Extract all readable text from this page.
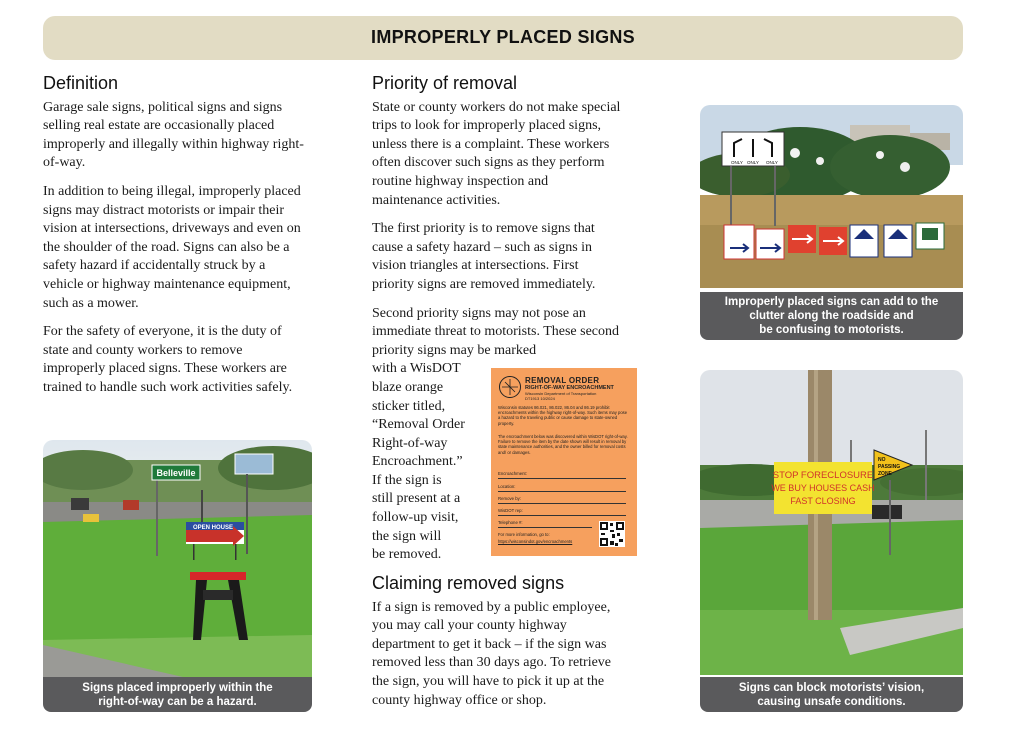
IMPROPERLY PLACED SIGNS
Definition

Garage sale signs, political signs and signs selling real estate are occasionally placed improperly and illegally within highway right-of-way.

In addition to being illegal, improperly placed signs may distract motorists or impair their vision at intersections, driveways and even on the shoulder of the road. Signs can also be a safety hazard if accidentally struck by a vehicle or highway maintenance equipment, such as a mower.

For the safety of everyone, it is the duty of state and county workers to remove improperly placed signs. These workers are trained to handle such work activities safely.

Priority of removal

State or county workers do not make special trips to look for improperly placed signs, unless there is a complaint. These workers often discover such signs as they perform routine highway inspection and maintenance activities.

The first priority is to remove signs that cause a safety hazard – such as signs in vision triangles at intersections. First priority signs are removed immediately.

Second priority signs may not pose an immediate threat to motorists. These second priority signs may be marked

with a WisDOT
blaze orange
sticker titled,
“Removal Order
Right-of-way
Encroachment.”
If the sign is
still present at a
follow-up visit,
the sign will
be removed.
Claiming removed signs

If a sign is removed by a public employee, you may call your county highway department to get it back – if the sign was removed less than 30 days ago. To retrieve the sign, you will have to pick it up at the county highway office or shop.

REMOVAL ORDER
RIGHT-OF-WAY ENCROACHMENT
Wisconsin Department of Transportation
DT1913 10/2024
Wisconsin statutes 86.021, 86.022, 86.04 and 86.19 prohibit encroachments within the highway right-of-way. Such items may pose a hazard to the traveling public or cause damage to state-owned property.
The encroachment below was discovered within WisDOT right-of-way. Failure to remove the item by the date shown will result in removal by state maintenance authorities, and the owner billed for removal costs and/ or damages.
Encroachment:
Location:
Remove by:
WisDOT rep:
Telephone #:
For more information, go to:
https://wisconsindot.gov/encroachments
Belleville
OPEN HOUSE
Signs placed improperly within the
right-of-way can be a hazard.
ONLY ONLY ONLY
Improperly placed signs can add to the
clutter along the roadside and
be confusing to motorists.
STOP FORECLOSURE
WE BUY HOUSES CASH
FAST CLOSING
NO
PASSING
ZONE
Signs can block motorists’ vision,
causing unsafe conditions.
